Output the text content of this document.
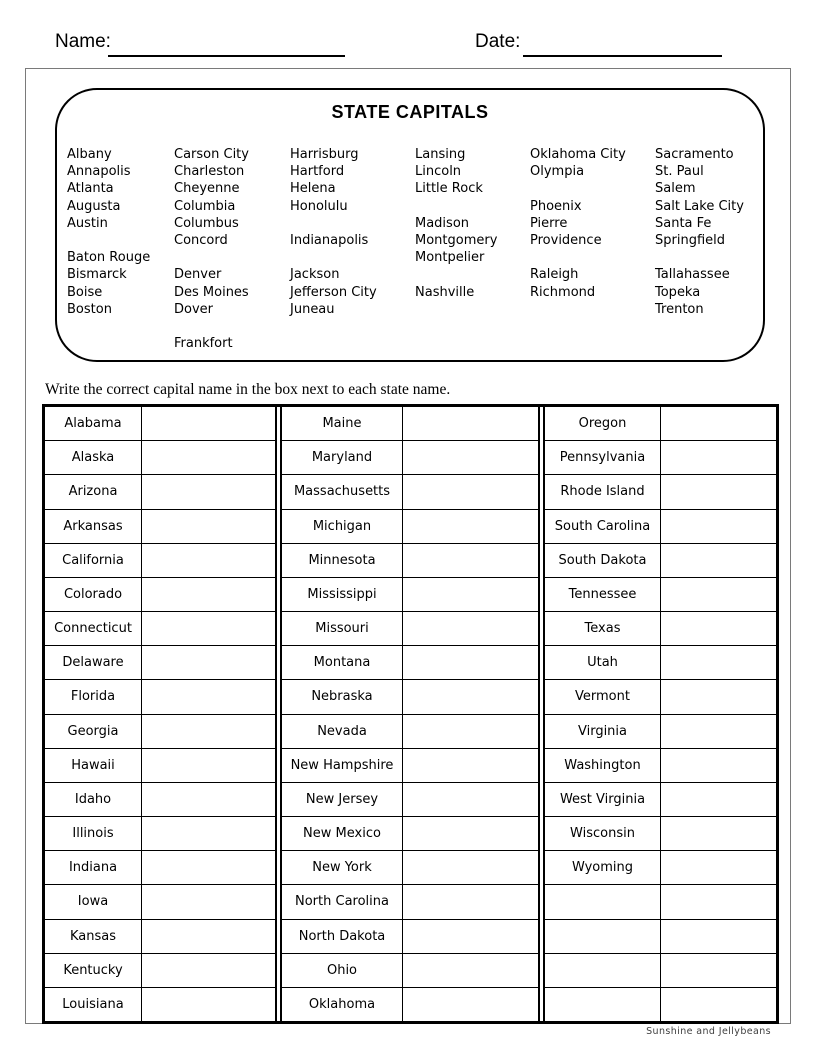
Name:	Date:
STATE CAPITALS
Albany
Annapolis
Atlanta
Augusta
Austin
Baton Rouge
Bismarck
Boise
Boston
Carson City
Charleston
Cheyenne
Columbia
Columbus
Concord
Denver
Des Moines
Dover
Frankfort
Harrisburg
Hartford
Helena
Honolulu
Indianapolis
Jackson
Jefferson City
Juneau
Lansing
Lincoln
Little Rock
Madison
Montgomery
Montpelier
Nashville
Oklahoma City
Olympia
Phoenix
Pierre
Providence
Raleigh
Richmond
Sacramento
St. Paul
Salem
Salt Lake City
Santa Fe
Springfield
Tallahassee
Topeka
Trenton
Write the correct capital name in the box next to each state name.
Alabama
Alaska
Arizona
Arkansas
California
Colorado
Connecticut
Delaware
Florida
Georgia
Hawaii
Idaho
Illinois
Indiana
Iowa
Kansas
Kentucky
Louisiana
Maine
Maryland
Massachusetts
Michigan
Minnesota
Mississippi
Missouri
Montana
Nebraska
Nevada
New Hampshire
New Jersey
New Mexico
New York
North Carolina
North Dakota
Ohio
Oklahoma
Oregon
Pennsylvania
Rhode Island
South Carolina
South Dakota
Tennessee
Texas
Utah
Vermont
Virginia
Washington
West Virginia
Wisconsin
Wyoming
Sunshine and Jellybeans
